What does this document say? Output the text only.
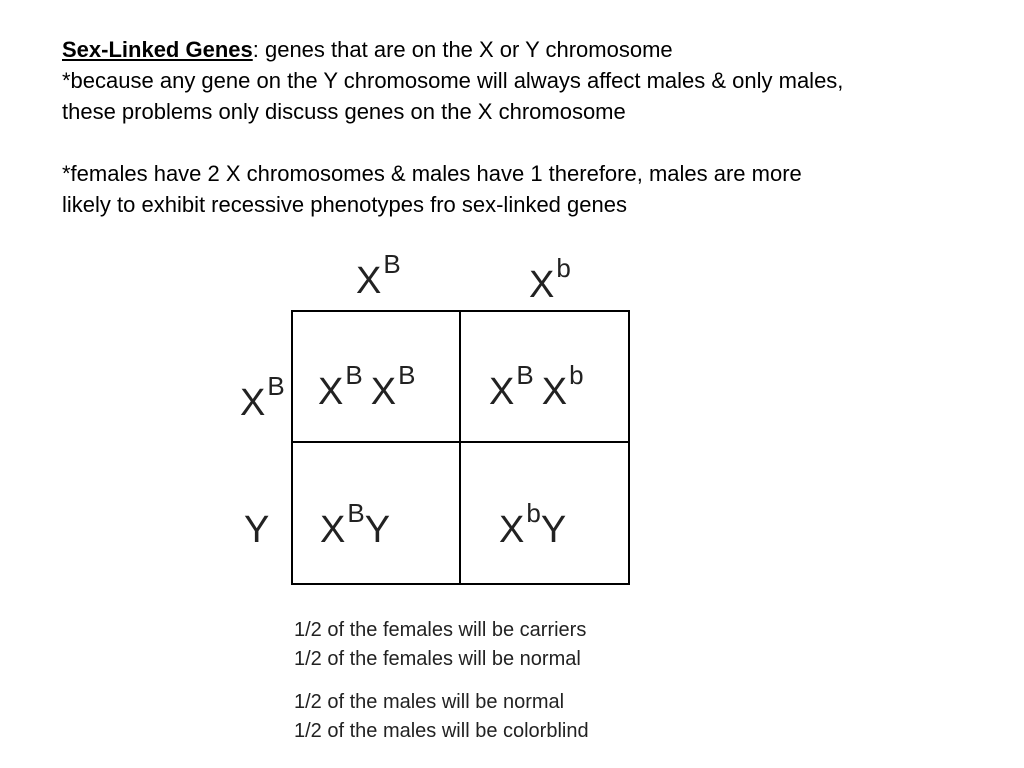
Sex-Linked Genes: genes that are on the X or Y chromosome

*because any gene on the Y chromosome will always affect males & only males,

these problems only discuss genes on the X chromosome

*females have 2 X chromosomes & males have 1 therefore, males are more

likely to exhibit recessive phenotypes fro sex-linked genes

$X^B$	$X^b$
$X^B$
Y
$X^B$ $X^B$ $X^B$ $X^b$
$X^BY$	$X^bY$

1/2 of the females will be carriers

1/2 of the females will be normal

1/2 of the males will be normal

1/2 of the males will be colorblind
